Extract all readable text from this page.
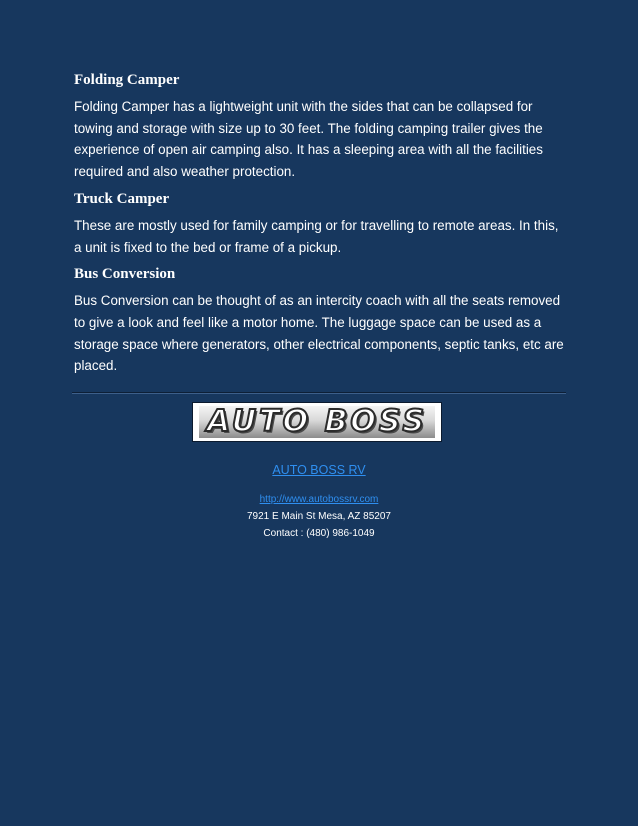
Folding Camper

Folding Camper has a lightweight unit with the sides that can be collapsed for towing and storage with size up to 30 feet. The folding camping trailer gives the experience of open air camping also. It has a sleeping area with all the facilities required and also weather protection.

Truck Camper

These are mostly used for family camping or for travelling to remote areas. In this, a unit is fixed to the bed or frame of a pickup.

Bus Conversion

Bus Conversion can be thought of as an intercity coach with all the seats removed to give a look and feel like a motor home. The luggage space can be used as a storage space where generators, other electrical components, septic tanks, etc are placed.

AUTO BOSS
AUTO BOSS RV
http://www.autobossrv.com
7921 E Main St Mesa, AZ 85207
Contact : (480) 986-1049
